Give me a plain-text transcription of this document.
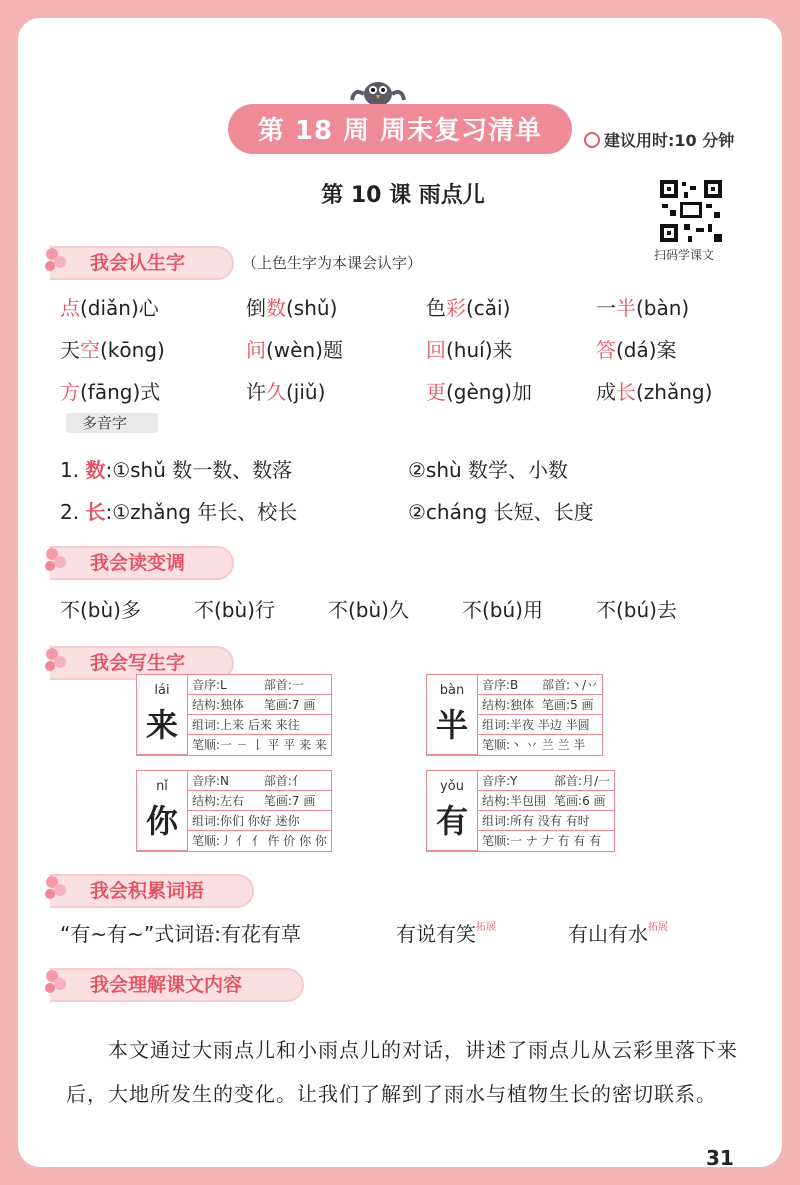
第 18 周 周末复习清单	建议用时:10 分钟
第 10 课 雨点儿
扫码学课文
我会认生字	（上色生字为本课会认字）
点(diǎn)心	倒数(shǔ)	色彩(cǎi)	一半(bàn)
天空(kōng)	问(wèn)题	回(huí)来	答(dá)案
方(fāng)式	许久(jiǔ)	更(gèng)加	成长(zhǎng)
多音字
1. 数:①shǔ 数一数、数落	②shù 数学、小数
2. 长:①zhǎng 年长、校长	②cháng 长短、长度
我会读变调
不(bù)多	不(bù)行	不(bù)久	不(bú)用	不(bú)去
我会写生字
lái
来	音序:L	部首:一
	结构:独体	笔画:7 画
	组词:上来 后来 来往	
	笔顺:一 ㄧ 𠄌 平 平 来 来	
bàn
半	音序:B	部首:丶/丷
	结构:独体	笔画:5 画
	组词:半夜 半边 半圆	
	笔顺:丶 丷 兰 兰 半	
nǐ
你	音序:N	部首:亻
	结构:左右	笔画:7 画
	组词:你们 你好 迷你	
	笔顺:丿 亻 亻 仵 价 你 你	
yǒu
有	音序:Y	部首:月/一
	结构:半包围	笔画:6 画
	组词:所有 没有 有时	
	笔顺:一 ナ 𠂇 冇 有 有	
我会积累词语
“有~有~”式词语:有花有草	有说有笑$^{拓展}$	有山有水$^{拓展}$
我会理解课文内容
本文通过大雨点儿和小雨点儿的对话，讲述了雨点儿从云彩里落下来后，大地所发生的变化。让我们了解到了雨水与植物生长的密切联系。
31
